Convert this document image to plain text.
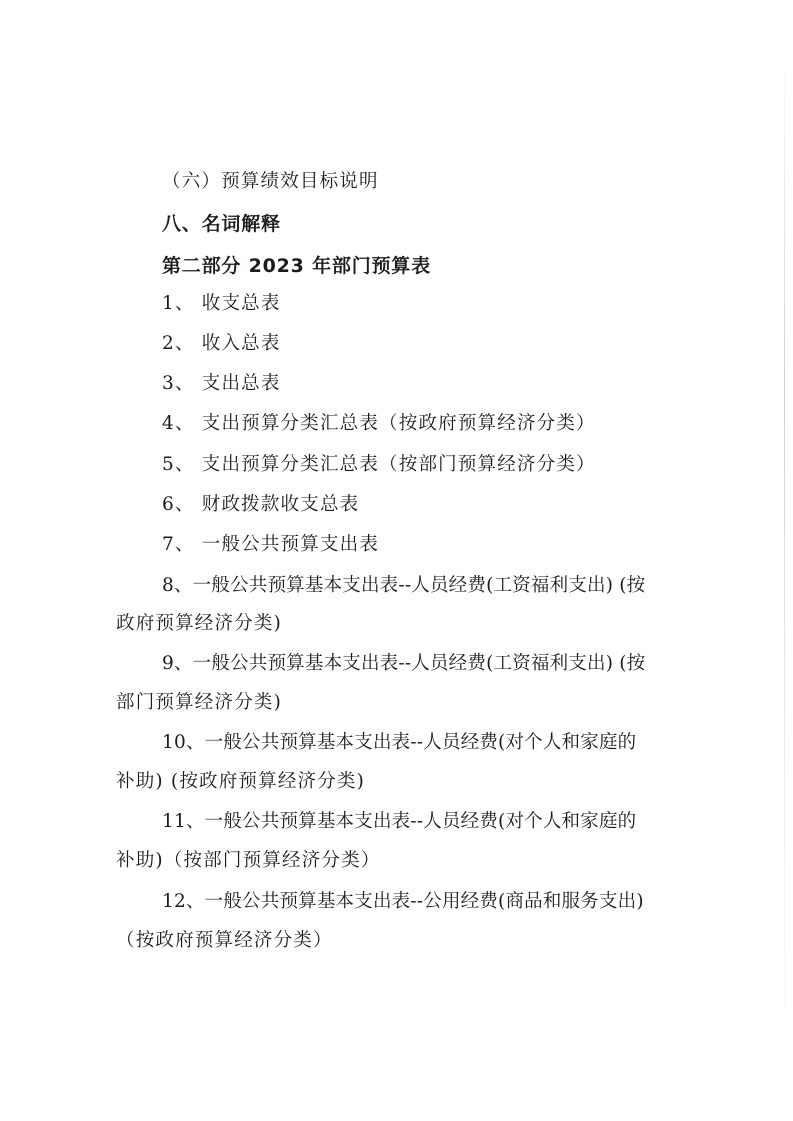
（六）预算绩效目标说明
八、名词解释
第二部分 2023 年部门预算表
1、 收支总表
2、 收入总表
3、 支出总表
4、 支出预算分类汇总表（按政府预算经济分类）
5、 支出预算分类汇总表（按部门预算经济分类）
6、 财政拨款收支总表
7、 一般公共预算支出表
8、一般公共预算基本支出表--人员经费(工资福利支出) (按
政府预算经济分类)
9、一般公共预算基本支出表--人员经费(工资福利支出) (按
部门预算经济分类)
10、一般公共预算基本支出表--人员经费(对个人和家庭的
补助) (按政府预算经济分类)
11、一般公共预算基本支出表--人员经费(对个人和家庭的
补助)（按部门预算经济分类）
12、一般公共预算基本支出表--公用经费(商品和服务支出)
（按政府预算经济分类）
